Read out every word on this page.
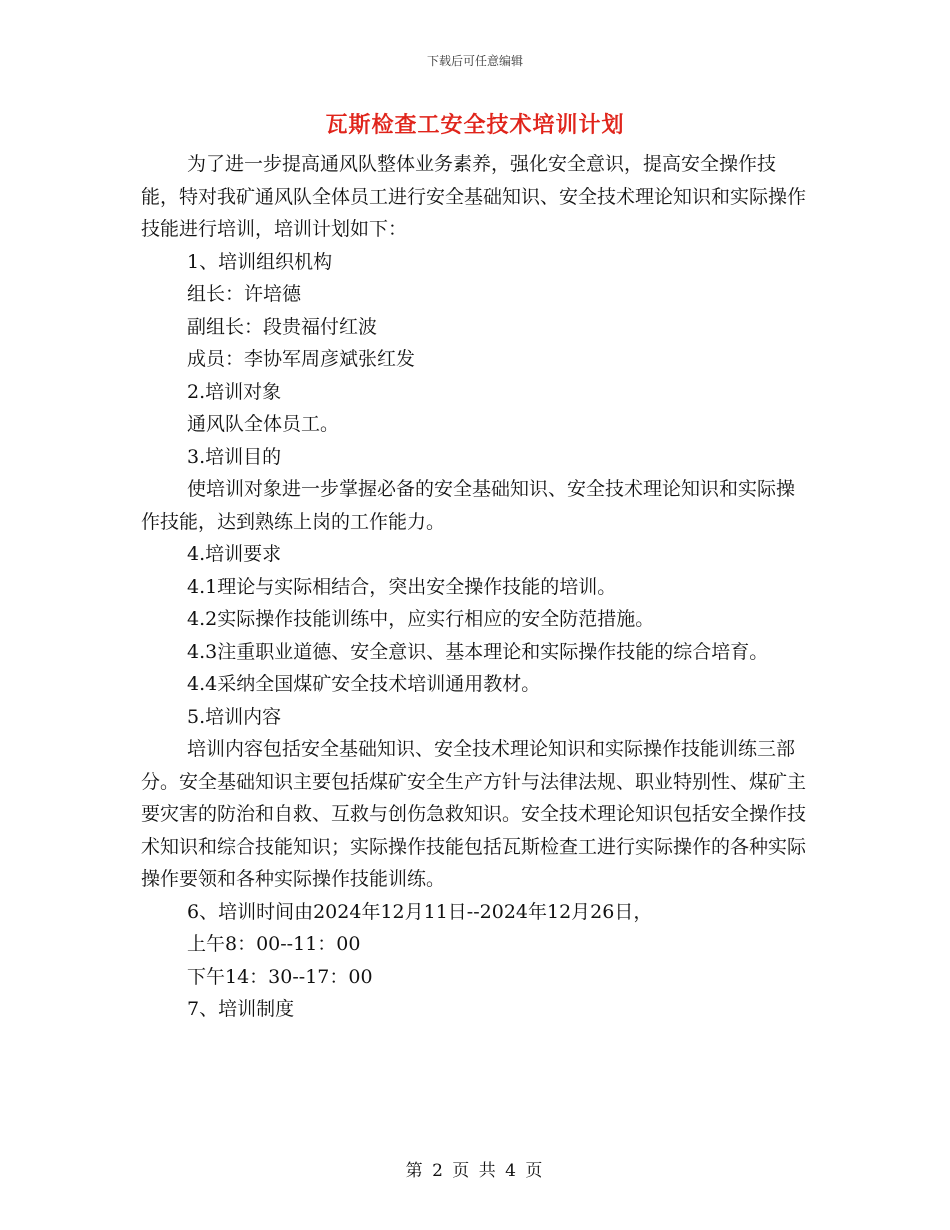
下载后可任意编辑
瓦斯检查工安全技术培训计划

为了进一步提高通风队整体业务素养，强化安全意识，提高安全操作技能，特对我矿通风队全体员工进行安全基础知识、安全技术理论知识和实际操作技能进行培训，培训计划如下：

1、培训组织机构

组长：许培德

副组长：段贵福付红波

成员：李协军周彦斌张红发

2.培训对象

通风队全体员工。

3.培训目的

使培训对象进一步掌握必备的安全基础知识、安全技术理论知识和实际操作技能，达到熟练上岗的工作能力。

4.培训要求

4.1理论与实际相结合，突出安全操作技能的培训。

4.2实际操作技能训练中，应实行相应的安全防范措施。

4.3注重职业道德、安全意识、基本理论和实际操作技能的综合培育。

4.4采纳全国煤矿安全技术培训通用教材。

5.培训内容

培训内容包括安全基础知识、安全技术理论知识和实际操作技能训练三部分。安全基础知识主要包括煤矿安全生产方针与法律法规、职业特别性、煤矿主要灾害的防治和自救、互救与创伤急救知识。安全技术理论知识包括安全操作技术知识和综合技能知识；实际操作技能包括瓦斯检查工进行实际操作的各种实际操作要领和各种实际操作技能训练。

6、培训时间由2024年12月11日--2024年12月26日，

上午8：00--11：00

下午14：30--17：00

7、培训制度

第 2 页 共 4 页
